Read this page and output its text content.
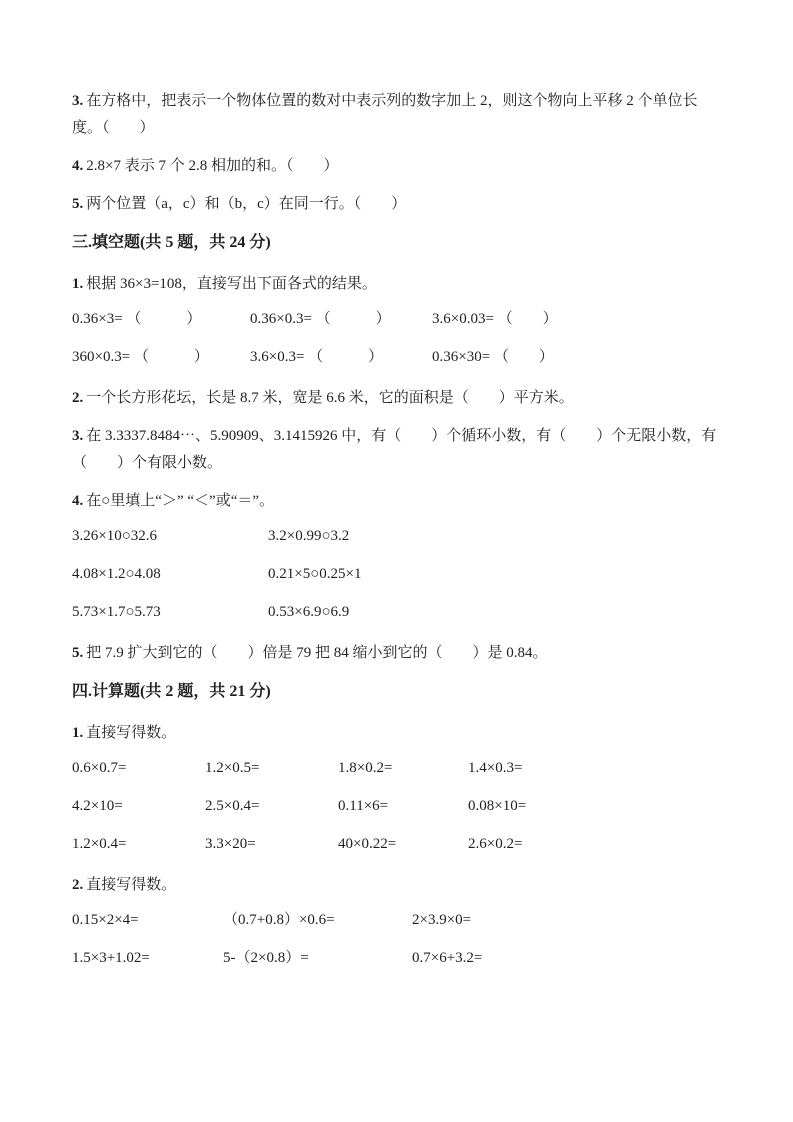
3. 在方格中，把表示一个物体位置的数对中表示列的数字加上 2，则这个物向上平移 2 个单位长度。（　　）

4. 2.8×7 表示 7 个 2.8 相加的和。（　　）

5. 两个位置（a，c）和（b，c）在同一行。（　　）

三.填空题(共 5 题，共 24 分)

1. 根据 36×3=108，直接写出下面各式的结果。

0.36×3= （　　　）	0.36×0.3= （　　　）	3.6×0.03= （　　）
360×0.3= （　　　）	3.6×0.3= （　　　）	0.36×30= （　　）

2. 一个长方形花坛，长是 8.7 米，宽是 6.6 米，它的面积是（　　）平方米。

3. 在 3.3337.8484⋯、5.90909、3.1415926 中，有（　　）个循环小数，有（　　）个无限小数，有（　　）个有限小数。

4. 在○里填上“＞” “＜”或“＝”。

3.26×10○32.6	3.2×0.99○3.2
4.08×1.2○4.08	0.21×5○0.25×1
5.73×1.7○5.73	0.53×6.9○6.9

5. 把 7.9 扩大到它的（　　）倍是 79 把 84 缩小到它的（　　）是 0.84。

四.计算题(共 2 题，共 21 分)

1. 直接写得数。

0.6×0.7=	1.2×0.5=	1.8×0.2=	1.4×0.3=
4.2×10=	2.5×0.4=	0.11×6=	0.08×10=
1.2×0.4=	3.3×20=	40×0.22=	2.6×0.2=

2. 直接写得数。

0.15×2×4=	（0.7+0.8）×0.6=	2×3.9×0=
1.5×3+1.02=	5-（2×0.8）=	0.7×6+3.2=
